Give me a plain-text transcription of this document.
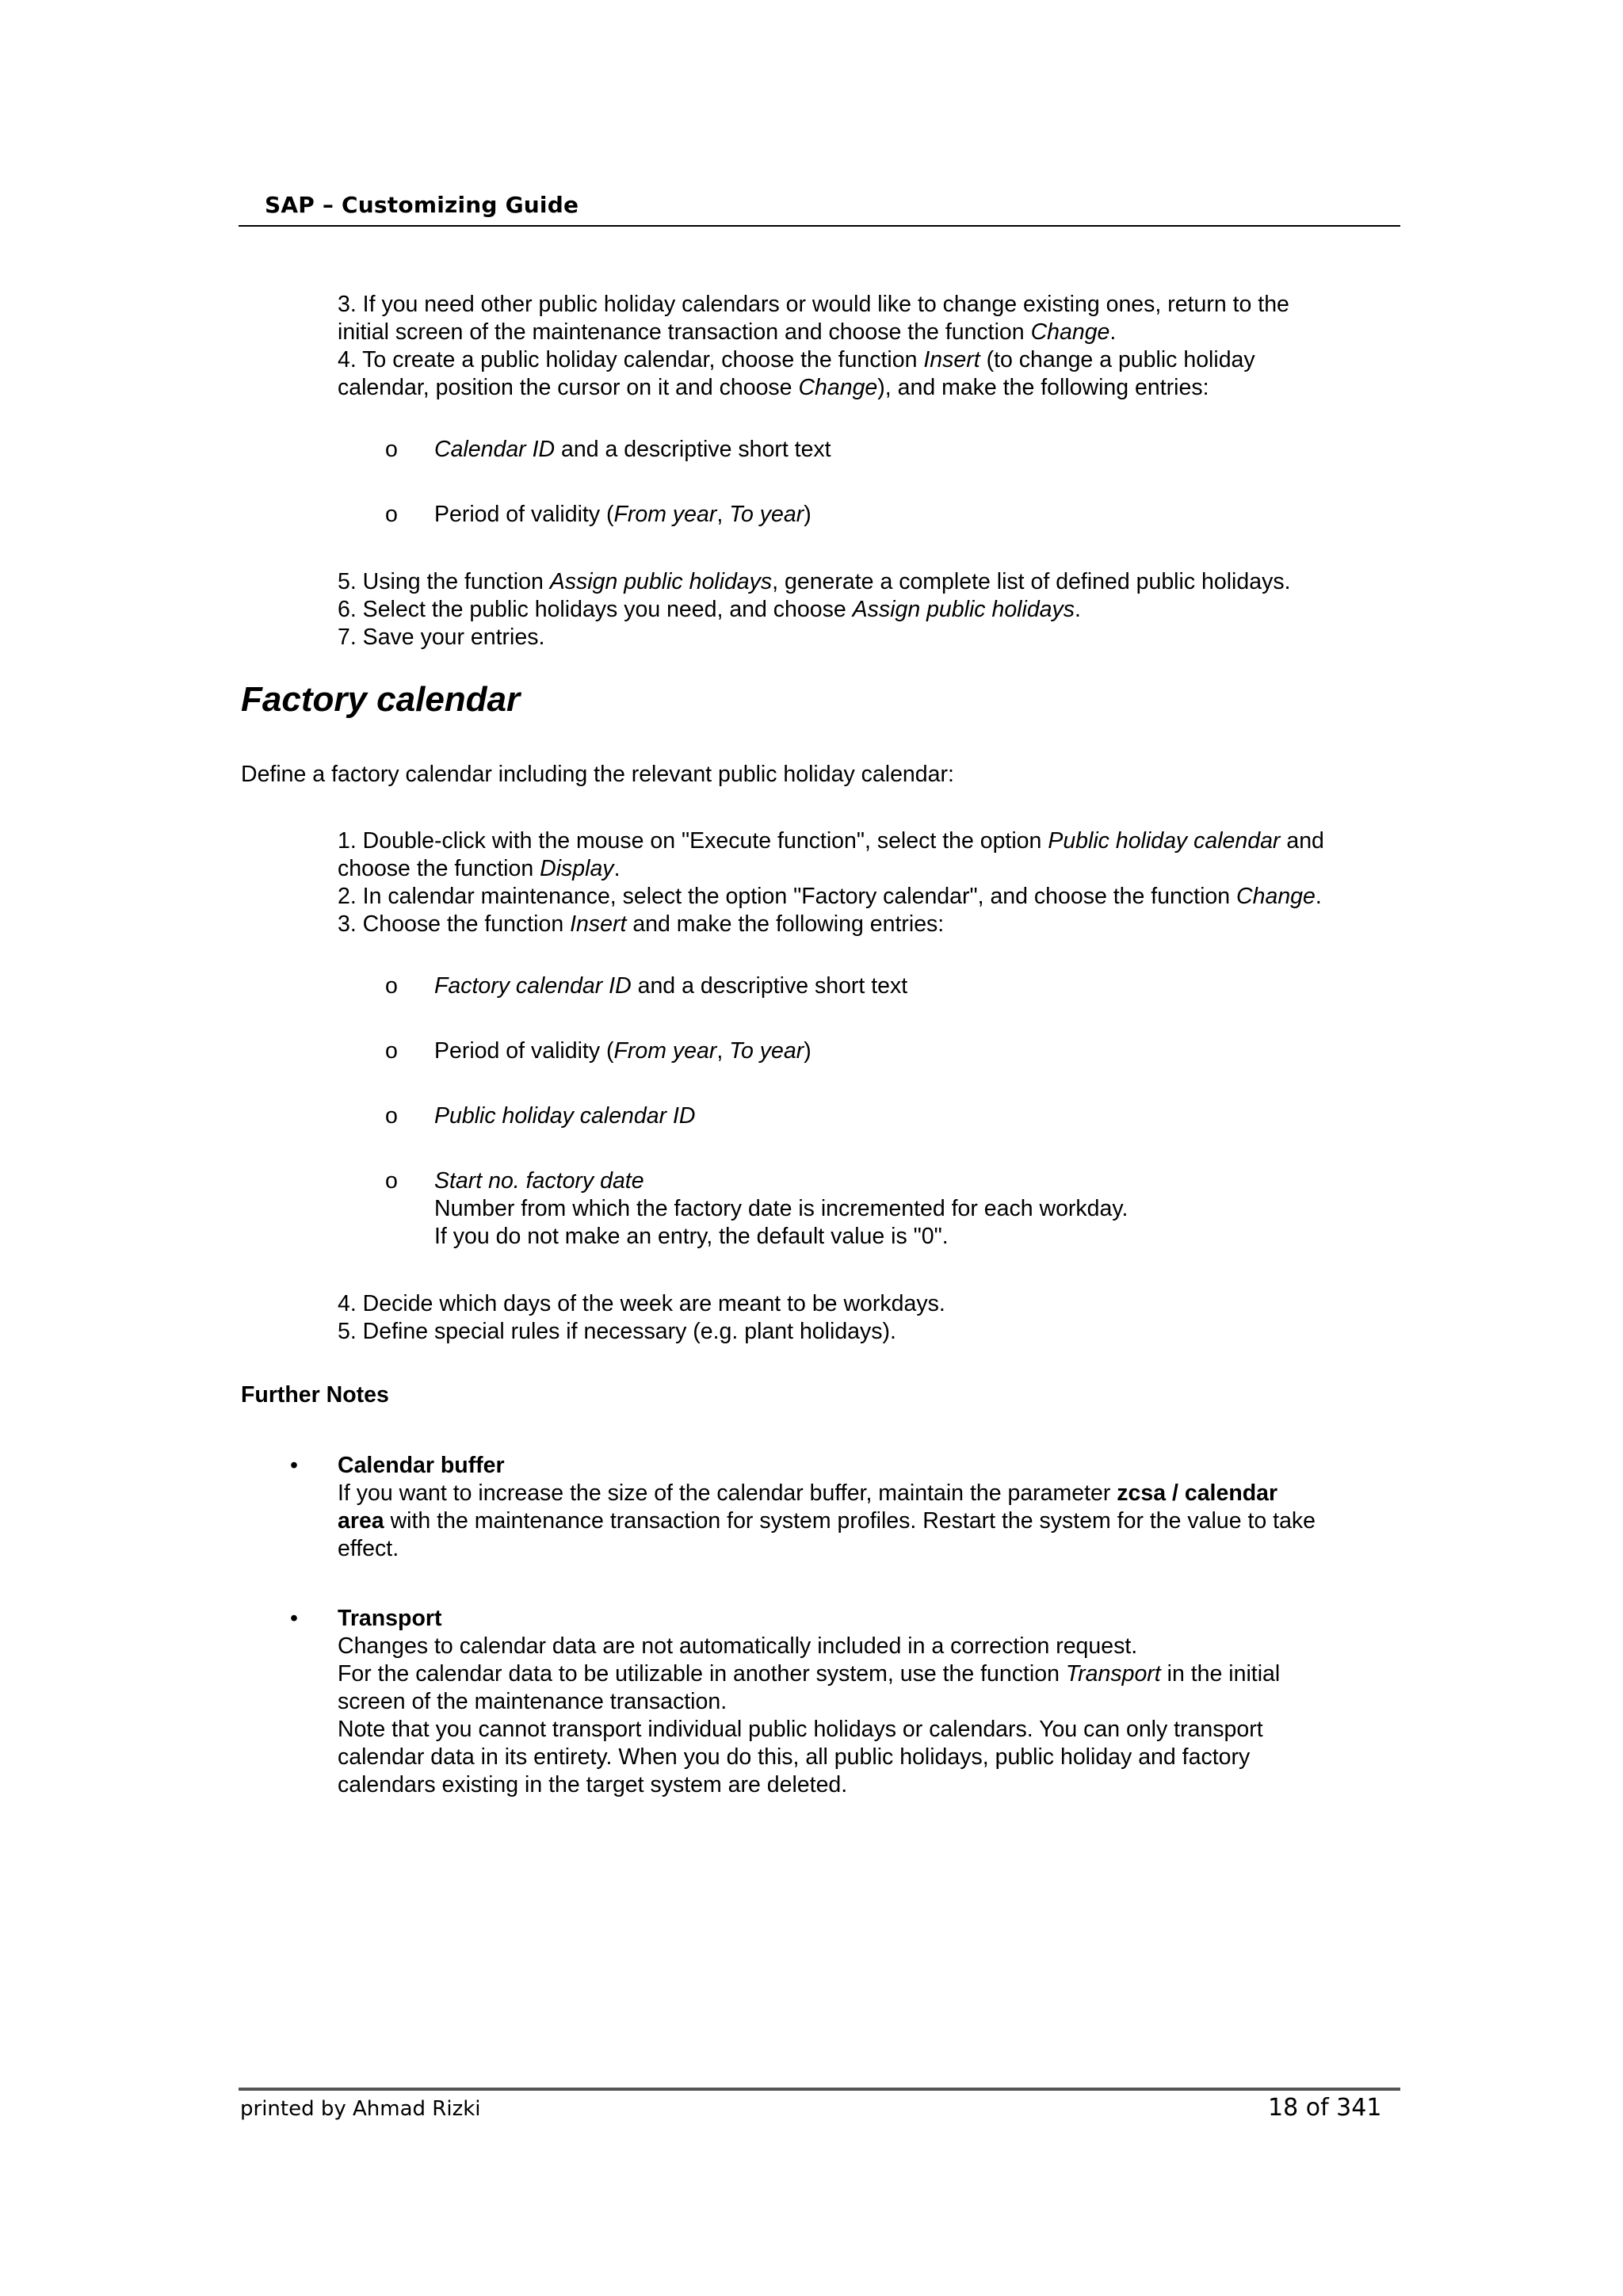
SAP – Customizing Guide
3. If you need other public holiday calendars or would like to change existing ones, return to the
initial screen of the maintenance transaction and choose the function Change.
4. To create a public holiday calendar, choose the function Insert (to change a public holiday
calendar, position the cursor on it and choose Change), and make the following entries:
o Calendar ID and a descriptive short text
o Period of validity (From year, To year)
5. Using the function Assign public holidays, generate a complete list of defined public holidays.
6. Select the public holidays you need, and choose Assign public holidays.
7. Save your entries.
Factory calendar
Define a factory calendar including the relevant public holiday calendar:
1. Double-click with the mouse on "Execute function", select the option Public holiday calendar and
choose the function Display.
2. In calendar maintenance, select the option "Factory calendar", and choose the function Change.
3. Choose the function Insert and make the following entries:
o Factory calendar ID and a descriptive short text
o Period of validity (From year, To year)
o Public holiday calendar ID
o Start no. factory date
Number from which the factory date is incremented for each workday.
If you do not make an entry, the default value is "0".
4. Decide which days of the week are meant to be workdays.
5. Define special rules if necessary (e.g. plant holidays).
Further Notes
• Calendar buffer
If you want to increase the size of the calendar buffer, maintain the parameter zcsa / calendar
area with the maintenance transaction for system profiles. Restart the system for the value to take
effect.
• Transport
Changes to calendar data are not automatically included in a correction request.
For the calendar data to be utilizable in another system, use the function Transport in the initial
screen of the maintenance transaction.
Note that you cannot transport individual public holidays or calendars. You can only transport
calendar data in its entirety. When you do this, all public holidays, public holiday and factory
calendars existing in the target system are deleted.
printed by Ahmad Rizki	18 of 341
